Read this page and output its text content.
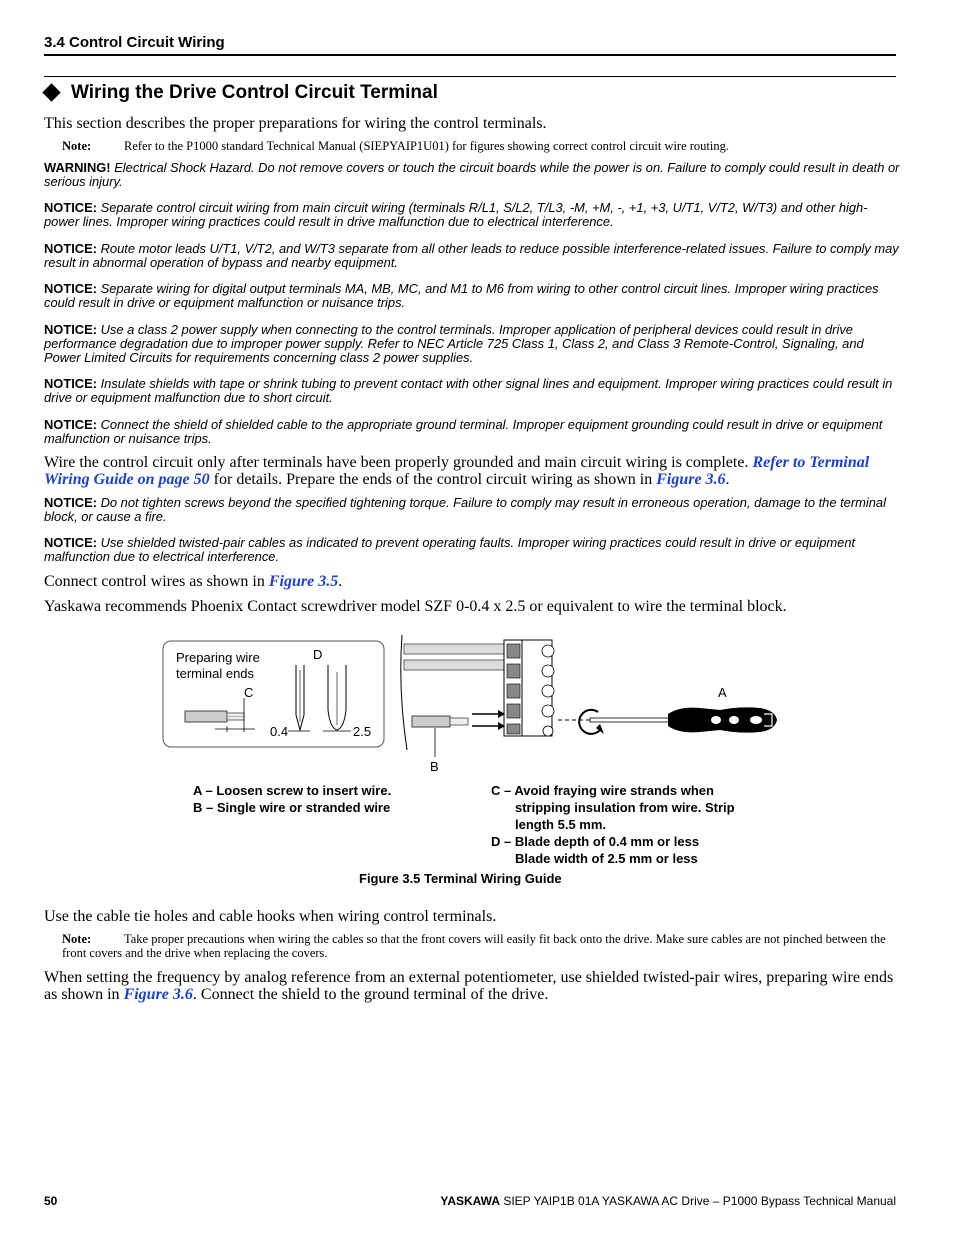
3.4 Control Circuit Wiring
Wiring the Drive Control Circuit Terminal
This section describes the proper preparations for wiring the control terminals.
Note:	Refer to the P1000 standard Technical Manual (SIEPYAIP1U01) for figures showing correct control circuit wire routing.
WARNING! Electrical Shock Hazard. Do not remove covers or touch the circuit boards while the power is on. Failure to comply could result in death or serious injury.
NOTICE: Separate control circuit wiring from main circuit wiring (terminals R/L1, S/L2, T/L3, -M, +M, -, +1, +3, U/T1, V/T2, W/T3) and other high-power lines. Improper wiring practices could result in drive malfunction due to electrical interference.
NOTICE: Route motor leads U/T1, V/T2, and W/T3 separate from all other leads to reduce possible interference-related issues. Failure to comply may result in abnormal operation of bypass and nearby equipment.
NOTICE: Separate wiring for digital output terminals MA, MB, MC, and M1 to M6 from wiring to other control circuit lines. Improper wiring practices could result in drive or equipment malfunction or nuisance trips.
NOTICE: Use a class 2 power supply when connecting to the control terminals. Improper application of peripheral devices could result in drive performance degradation due to improper power supply. Refer to NEC Article 725 Class 1, Class 2, and Class 3 Remote-Control, Signaling, and Power Limited Circuits for requirements concerning class 2 power supplies.
NOTICE: Insulate shields with tape or shrink tubing to prevent contact with other signal lines and equipment. Improper wiring practices could result in drive or equipment malfunction due to short circuit.
NOTICE: Connect the shield of shielded cable to the appropriate ground terminal. Improper equipment grounding could result in drive or equipment malfunction or nuisance trips.
Wire the control circuit only after terminals have been properly grounded and main circuit wiring is complete. Refer to Terminal Wiring Guide on page 50 for details. Prepare the ends of the control circuit wiring as shown in Figure 3.6.
NOTICE: Do not tighten screws beyond the specified tightening torque. Failure to comply may result in erroneous operation, damage to the terminal block, or cause a fire.
NOTICE: Use shielded twisted-pair cables as indicated to prevent operating faults. Improper wiring practices could result in drive or equipment malfunction due to electrical interference.
Connect control wires as shown in Figure 3.5.
Yaskawa recommends Phoenix Contact screwdriver model SZF 0-0.4 x 2.5 or equivalent to wire the terminal block.
Preparing wire
terminal ends
D
C
0.4	2.5
B
A
A – Loosen screw to insert wire.
B – Single wire or stranded wire
C – Avoid fraying wire strands when
stripping insulation from wire. Strip
length 5.5 mm.
D – Blade depth of 0.4 mm or less
Blade width of 2.5 mm or less
Figure 3.5 Terminal Wiring Guide
Use the cable tie holes and cable hooks when wiring control terminals.
Note:	Take proper precautions when wiring the cables so that the front covers will easily fit back onto the drive. Make sure cables are not pinched between the front covers and the drive when replacing the covers.
When setting the frequency by analog reference from an external potentiometer, use shielded twisted-pair wires, preparing wire ends as shown in Figure 3.6. Connect the shield to the ground terminal of the drive.
50	YASKAWA SIEP YAIP1B 01A YASKAWA AC Drive – P1000 Bypass Technical Manual
